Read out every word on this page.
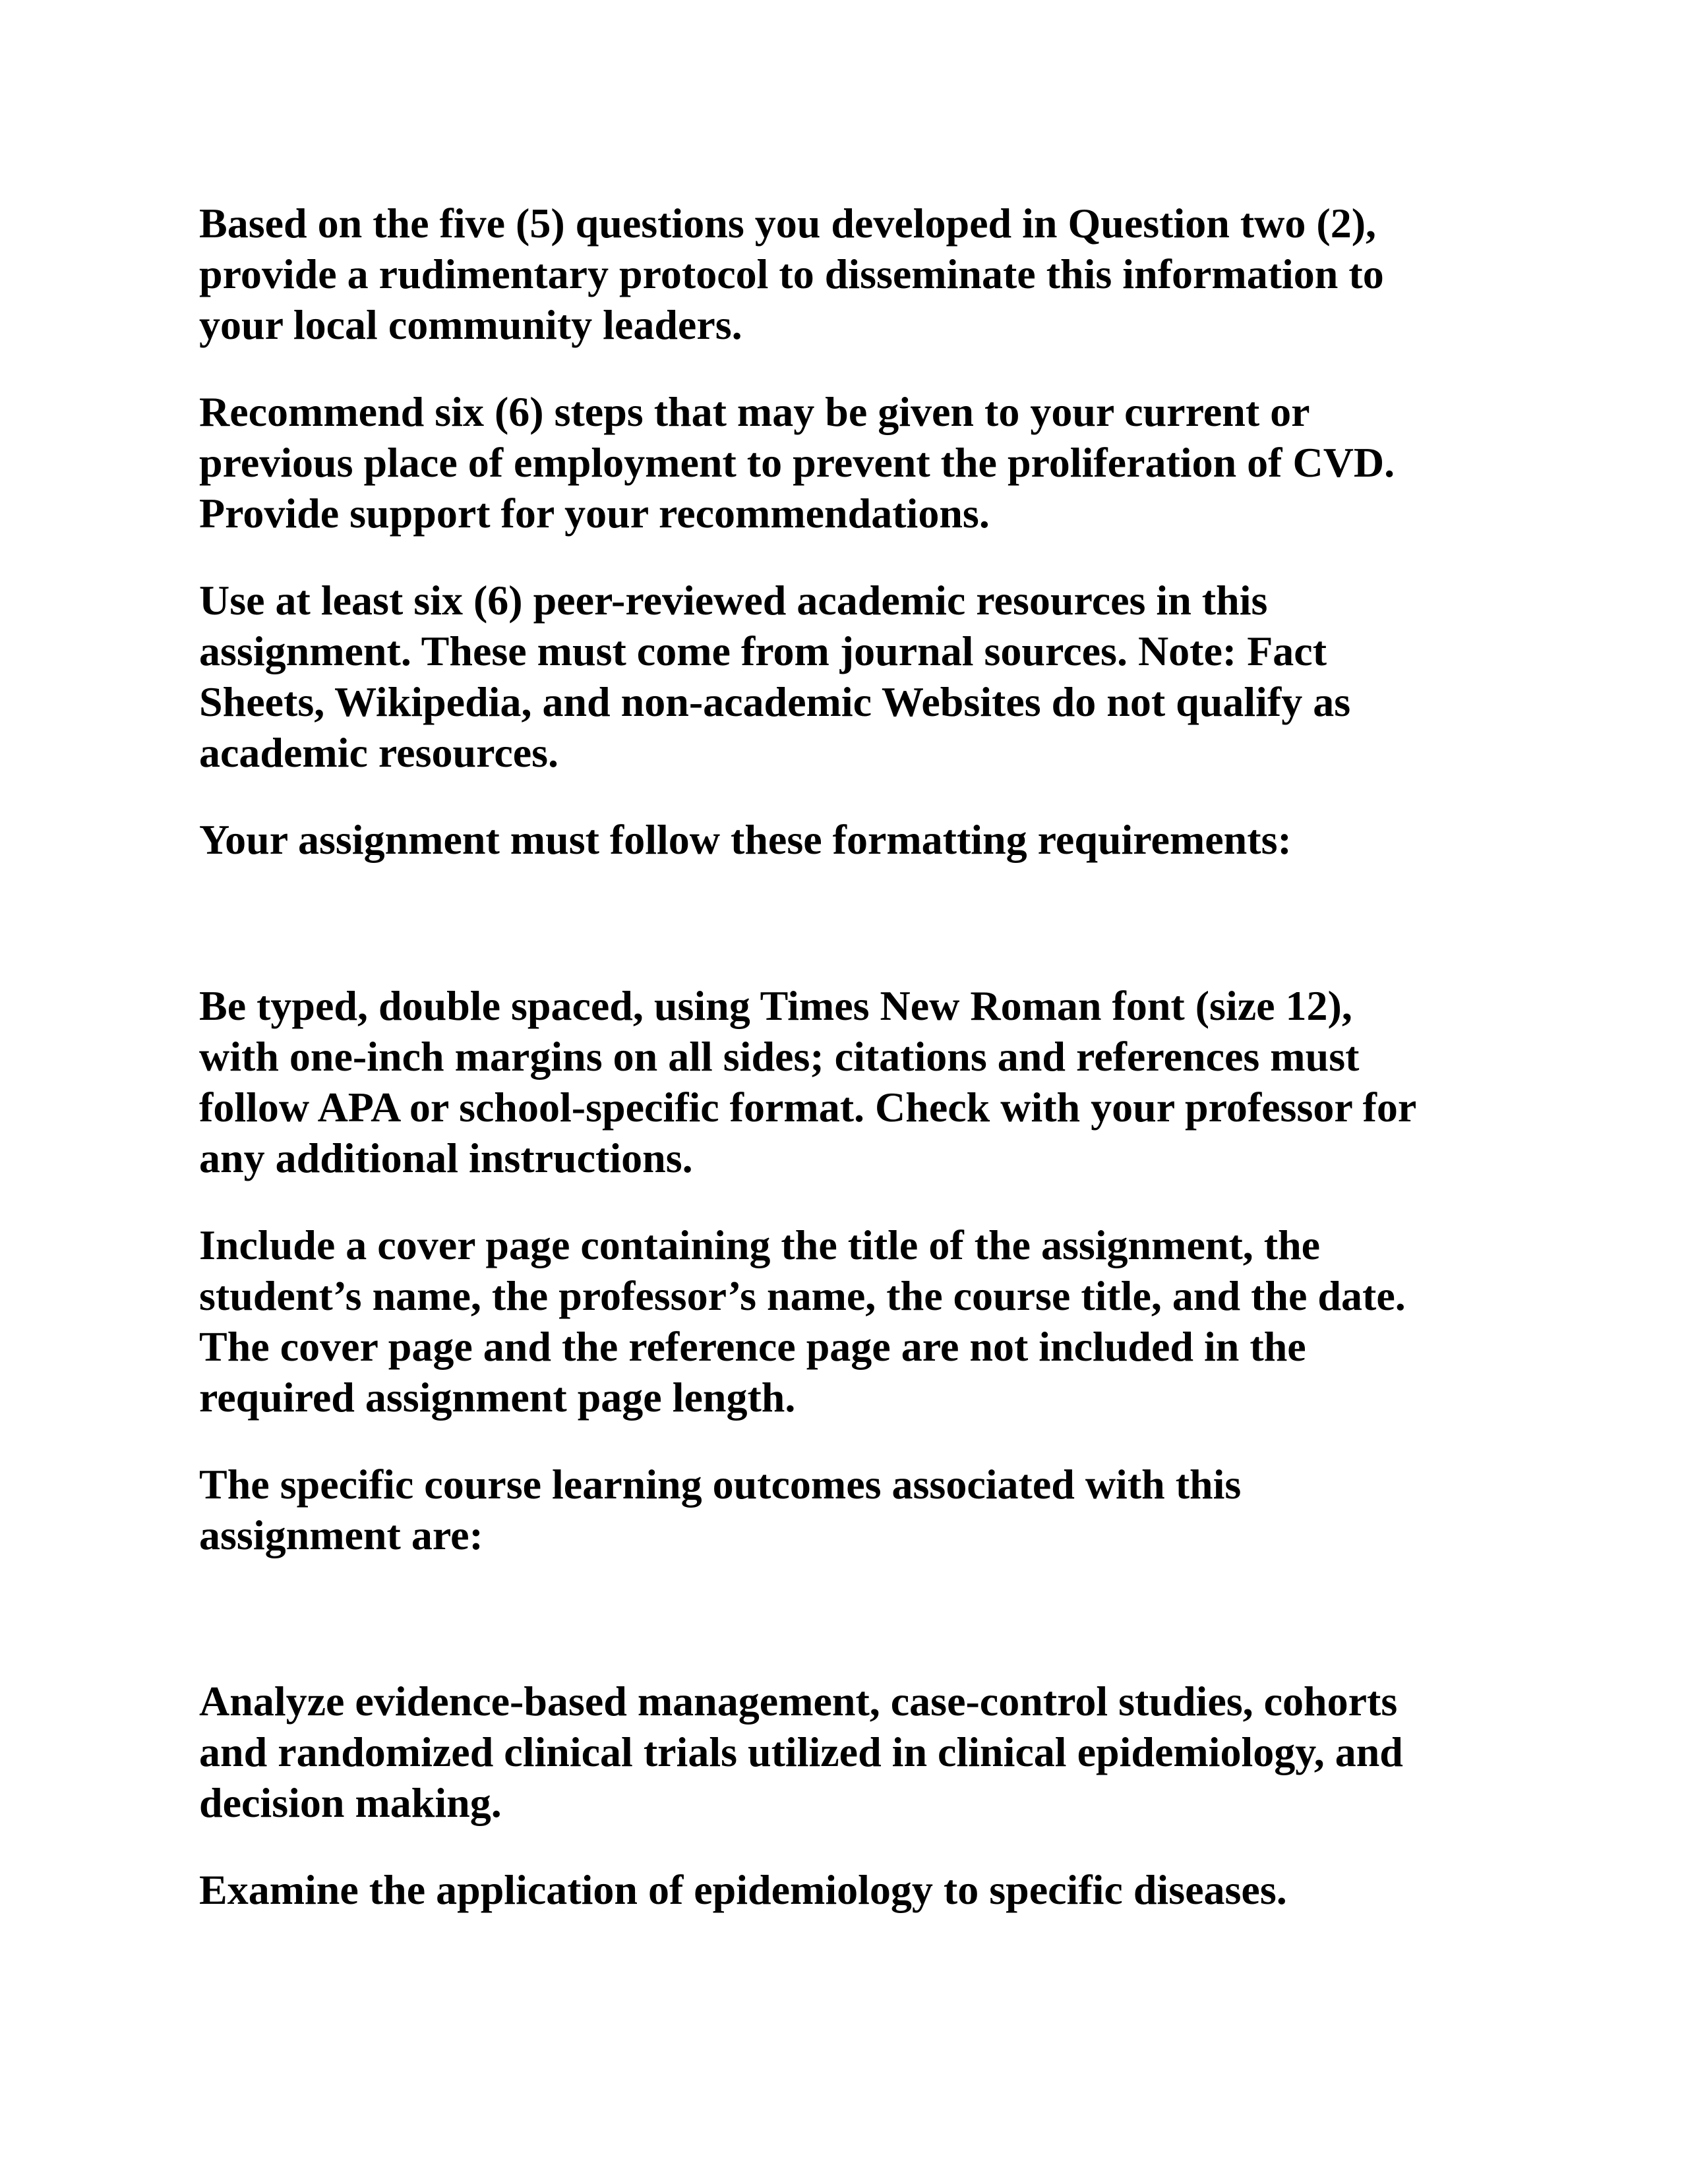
Based on the five (5) questions you developed in Question two (2),
provide a rudimentary protocol to disseminate this information to
your local community leaders.

Recommend six (6) steps that may be given to your current or
previous place of employment to prevent the proliferation of CVD.
Provide support for your recommendations.

Use at least six (6) peer-reviewed academic resources in this
assignment. These must come from journal sources. Note: Fact
Sheets, Wikipedia, and non-academic Websites do not qualify as
academic resources.

Your assignment must follow these formatting requirements:

Be typed, double spaced, using Times New Roman font (size 12),
with one-inch margins on all sides; citations and references must
follow APA or school-specific format. Check with your professor for
any additional instructions.

Include a cover page containing the title of the assignment, the
student’s name, the professor’s name, the course title, and the date.
The cover page and the reference page are not included in the
required assignment page length.

The specific course learning outcomes associated with this
assignment are:

Analyze evidence-based management, case-control studies, cohorts
and randomized clinical trials utilized in clinical epidemiology, and
decision making.

Examine the application of epidemiology to specific diseases.
